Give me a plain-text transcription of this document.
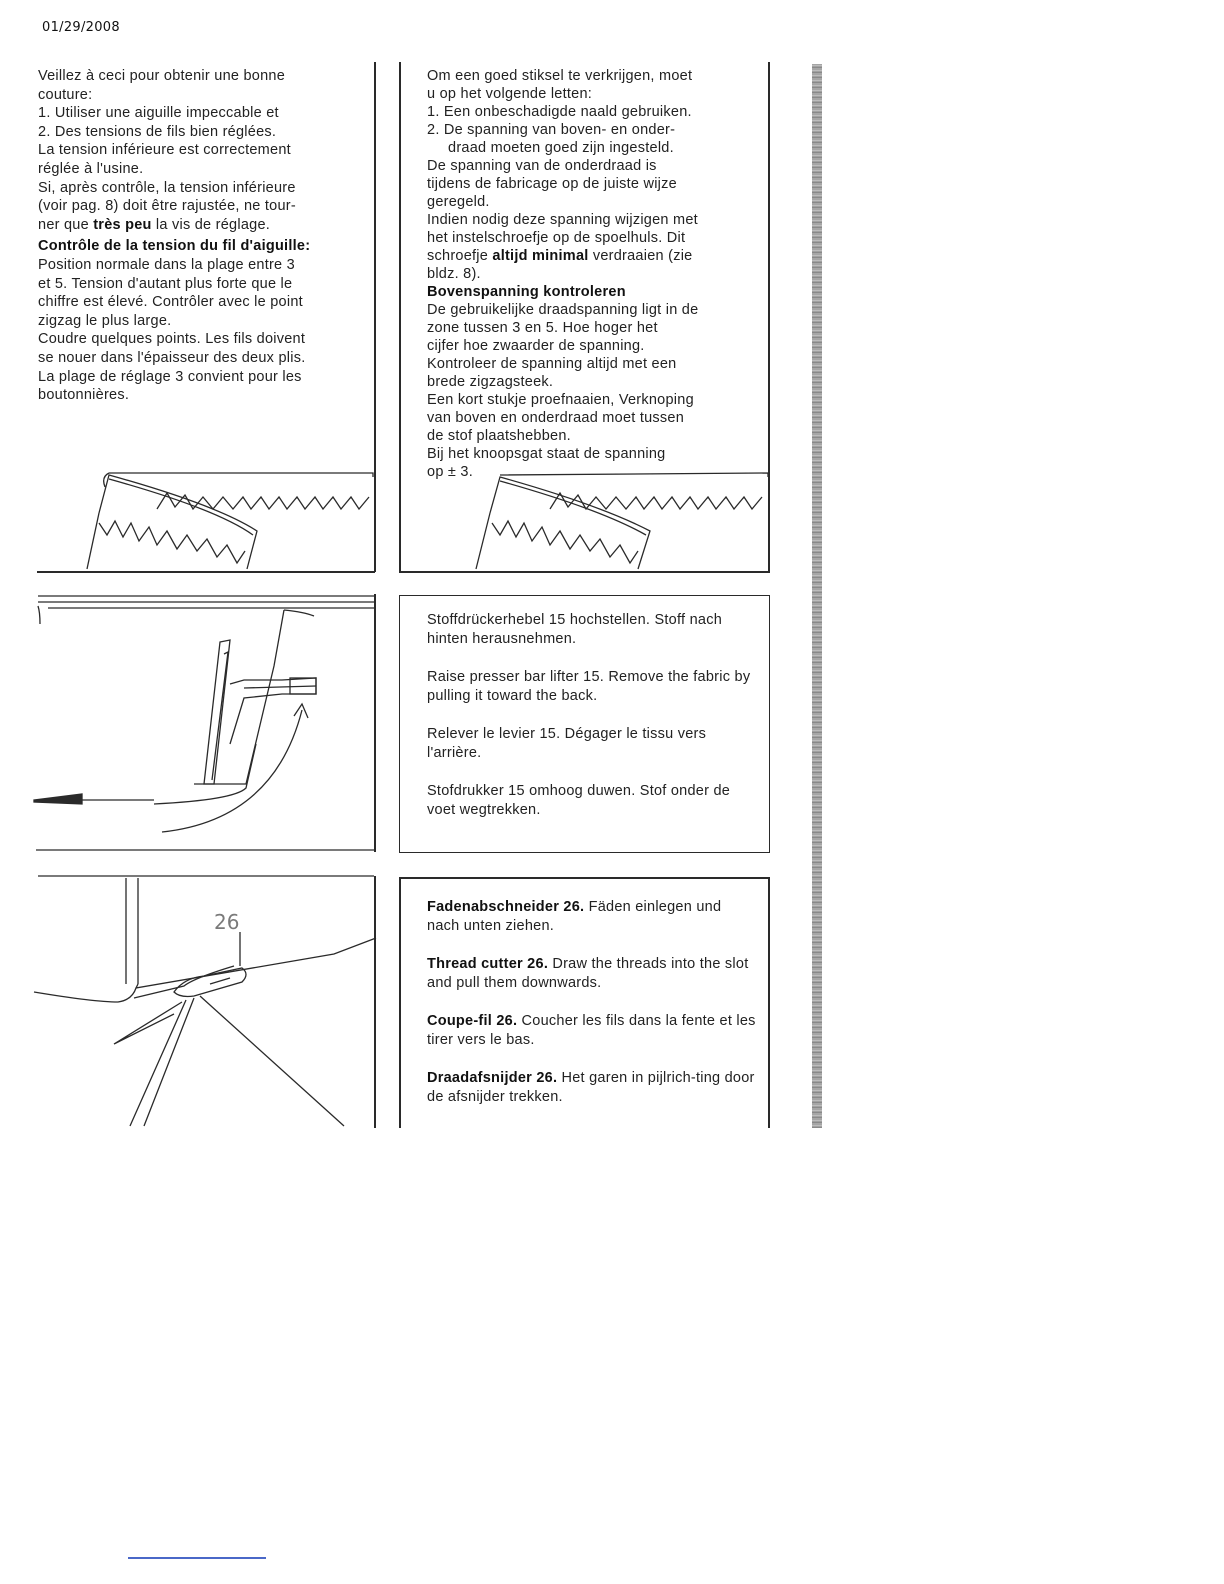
01/29/2008

Veillez à ceci pour obtenir une bonne

couture:

1. Utiliser une aiguille impeccable et

2. Des tensions de fils bien réglées.

La tension inférieure est correctement

réglée à l'usine.

Si, après contrôle, la tension inférieure

(voir pag. 8) doit être rajustée, ne tour-

ner que très peu la vis de réglage.

Contrôle de la tension du fil d'aiguille:

Position normale dans la plage entre 3

et 5. Tension d'autant plus forte que le

chiffre est élevé. Contrôler avec le point

zigzag le plus large.

Coudre quelques points. Les fils doivent

se nouer dans l'épaisseur des deux plis.

La plage de réglage 3 convient pour les

boutonnières.

Om een goed stiksel te verkrijgen, moet

u op het volgende letten:

1. Een onbeschadigde naald gebruiken.

2. De spanning van boven- en onder-

draad moeten goed zijn ingesteld.

De spanning van de onderdraad is

tijdens de fabricage op de juiste wijze

geregeld.

Indien nodig deze spanning wijzigen met

het instelschroefje op de spoelhuls. Dit

schroefje altijd minimal verdraaien (zie

bldz. 8).

Bovenspanning kontroleren

De gebruikelijke draadspanning ligt in de

zone tussen 3 en 5. Hoe hoger het

cijfer hoe zwaarder de spanning.

Kontroleer de spanning altijd met een

brede zigzagsteek.

Een kort stukje proefnaaien, Verknoping

van boven en onderdraad moet tussen

de stof plaatshebben.

Bij het knoopsgat staat de spanning

op ± 3.

Stoffdrückerhebel 15 hochstellen. Stoff nach hinten herausnehmen.

Raise presser bar lifter 15. Remove the fabric by pulling it toward the back.

Relever le levier 15. Dégager le tissu vers l'arrière.

Stofdrukker 15 omhoog duwen. Stof onder de voet wegtrekken.

26

Fadenabschneider 26. Fäden einlegen und nach unten ziehen.

Thread cutter 26. Draw the threads into the slot and pull them downwards.

Coupe-fil 26. Coucher les fils dans la fente et les tirer vers le bas.

Draadafsnijder 26. Het garen in pijlrich-ting door de afsnijder trekken.
